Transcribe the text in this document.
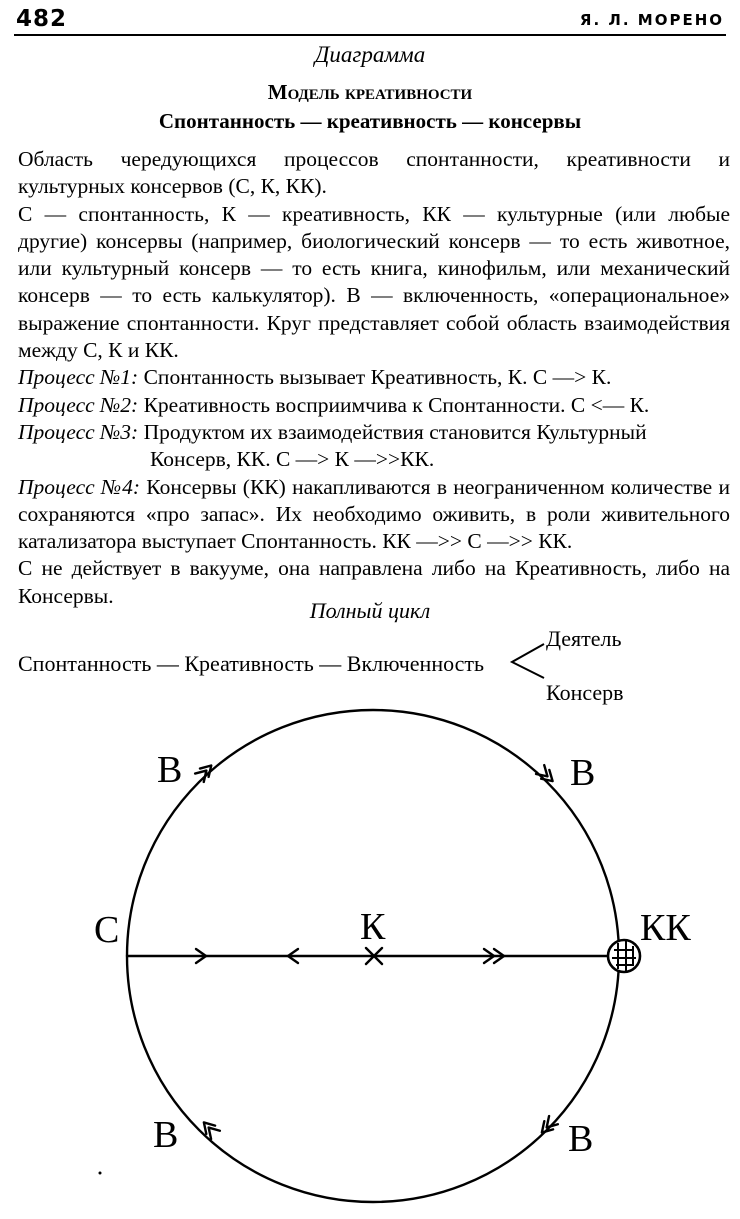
482	Я. Л. МОРЕНО
Диаграмма
Модель креативности
Спонтанность — креативность — консервы

Область чередующихся процессов спонтанности, креативности и культурных консервов (С, К, КК).

С — спонтанность, К — креативность, КК — культурные (или любые другие) консервы (например, биологический консерв — то есть животное, или культурный консерв — то есть книга, кинофильм, или механический консерв — то есть калькулятор). В — включенность, «операциональное» выражение спонтанности. Круг представляет собой область взаимодействия между С, К и КК.

Процесс №1: Спонтанность вызывает Креативность, К. С —> К.

Процесс №2: Креативность восприимчива к Спонтанности. С <— К.

Процесс №3: Продуктом их взаимодействия становится Культурный

Консерв, КК. С —> К —>>КК.

Процесс №4: Консервы (КК) накапливаются в неограниченном количестве и сохраняются «про запас». Их необходимо оживить, в роли живительного катализатора выступает Спонтанность. КК —>> С —>> КК.

С не действует в вакууме, она направлена либо на Креативность, либо на Консервы.

Полный цикл
Спонтанность — Креативность — Включенность
Деятель
Консерв
С	К	КК
В	В
В	В
